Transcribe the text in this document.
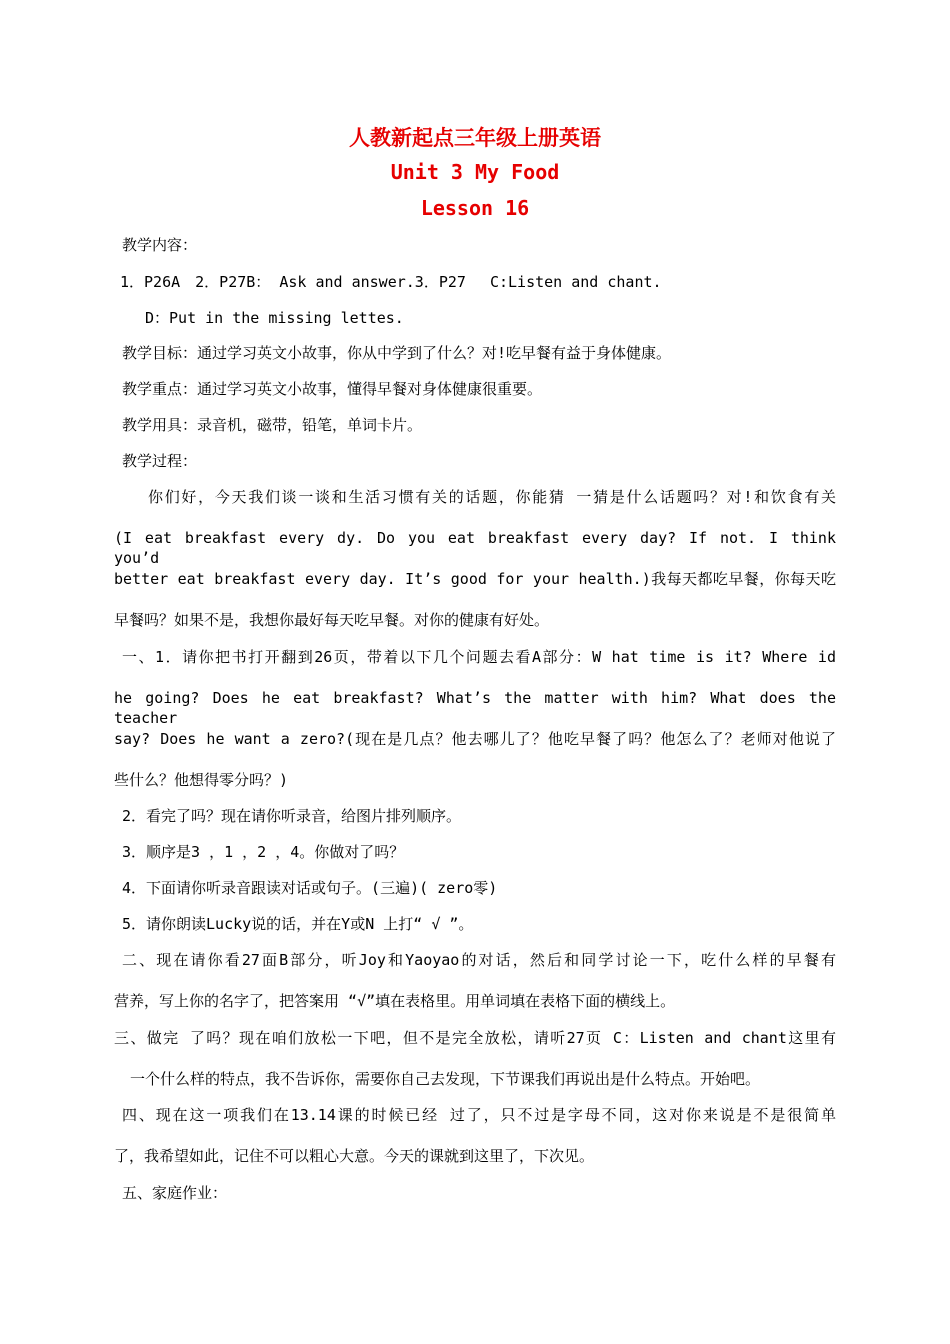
人教新起点三年级上册英语
Unit 3 My Food
Lesson 16
教学内容：
1．P26A　2．P27B： Ask and answer.3．P27　 C:Listen and chant.
D：Put in the missing lettes.
教学目标：通过学习英文小故事，你从中学到了什么？对!吃早餐有益于身体健康。
教学重点：通过学习英文小故事，懂得早餐对身体健康很重要。
教学用具：录音机，磁带，铅笔，单词卡片。
教学过程：
你们好，今天我们谈一谈和生活习惯有关的话题，你能猜 一猜是什么话题吗？对!和饮食有关
(I eat breakfast every dy. Do you eat breakfast every day? If not. I think you’d
better eat breakfast every day. It’s good for your health.)我每天都吃早餐，你每天吃
早餐吗？如果不是，我想你最好每天吃早餐。对你的健康有好处。
一、1．请你把书打开翻到26页，带着以下几个问题去看A部分：W hat time is it? Where id
he going? Does he eat breakfast? What’s the matter with him? What does the teacher
say? Does he want a zero?(现在是几点？他去哪儿了？他吃早餐了吗？他怎么了？老师对他说了
些什么？他想得零分吗？)
2．看完了吗？现在请你听录音，给图片排列顺序。
3．顺序是3 ，1 ，2 ，4。你做对了吗？
4．下面请你听录音跟读对话或句子。(三遍)( zero零)
5．请你朗读Lucky说的话，并在Y或N 上打“ √ ”。
二、现在请你看27面B部分，听Joy和Yaoyao的对话，然后和同学讨论一下，吃什么样的早餐有
营养，写上你的名字了，把答案用 “√”填在表格里。用单词填在表格下面的横线上。
三、做完 了吗？现在咱们放松一下吧，但不是完全放松，请听27页 C：Listen and chant这里有
一个什么样的特点，我不告诉你，需要你自己去发现，下节课我们再说出是什么特点。开始吧。
四、现在这一项我们在13.14课的时候已经 过了，只不过是字母不同，这对你来说是不是很简单
了，我希望如此，记住不可以粗心大意。今天的课就到这里了，下次见。
五、家庭作业：
